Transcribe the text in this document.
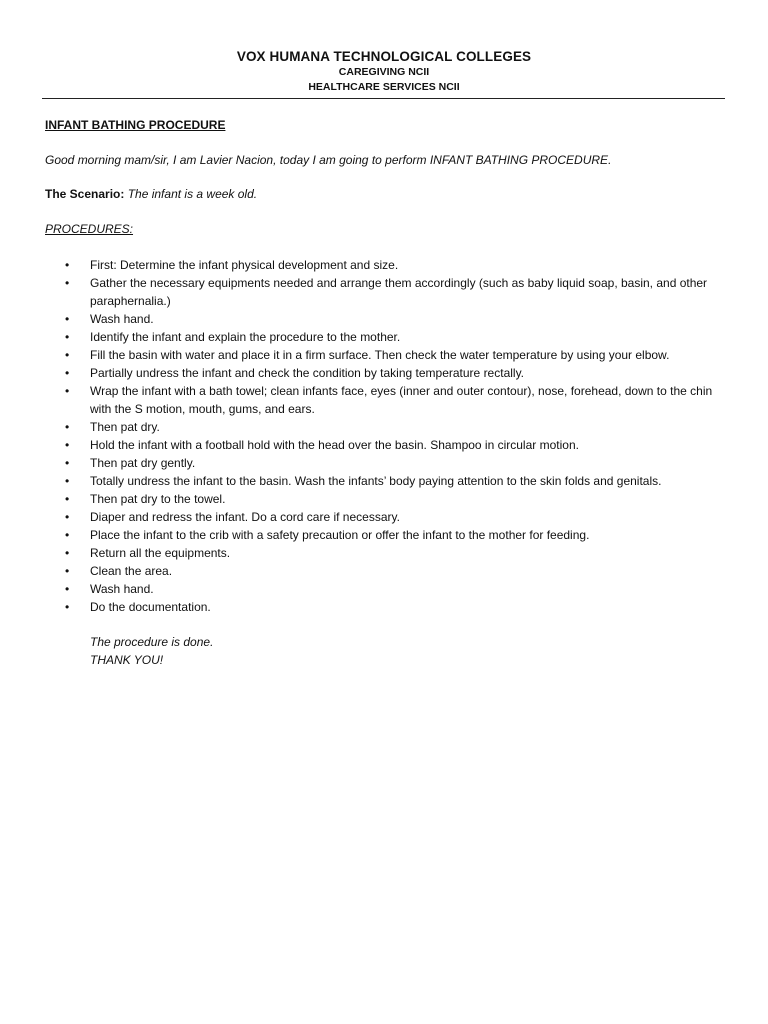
VOX HUMANA TECHNOLOGICAL COLLEGES
CAREGIVING NCII
HEALTHCARE SERVICES NCII
INFANT BATHING PROCEDURE
Good morning mam/sir, I am Lavier Nacion, today I am going to perform INFANT BATHING PROCEDURE.
The Scenario: The infant is a week old.
PROCEDURES:
• First: Determine the infant physical development and size.
• Gather the necessary equipments needed and arrange them accordingly (such as baby liquid soap, basin, and other paraphernalia.)
• Wash hand.
• Identify the infant and explain the procedure to the mother.
• Fill the basin with water and place it in a firm surface. Then check the water temperature by using your elbow.
• Partially undress the infant and check the condition by taking temperature rectally.
• Wrap the infant with a bath towel; clean infants face, eyes (inner and outer contour), nose, forehead, down to the chin with the S motion, mouth, gums, and ears.
• Then pat dry.
• Hold the infant with a football hold with the head over the basin. Shampoo in circular motion.
• Then pat dry gently.
• Totally undress the infant to the basin. Wash the infants’ body paying attention to the skin folds and genitals.
• Then pat dry to the towel.
• Diaper and redress the infant. Do a cord care if necessary.
• Place the infant to the crib with a safety precaution or offer the infant to the mother for feeding.
• Return all the equipments.
• Clean the area.
• Wash hand.
• Do the documentation.
The procedure is done.
THANK YOU!
